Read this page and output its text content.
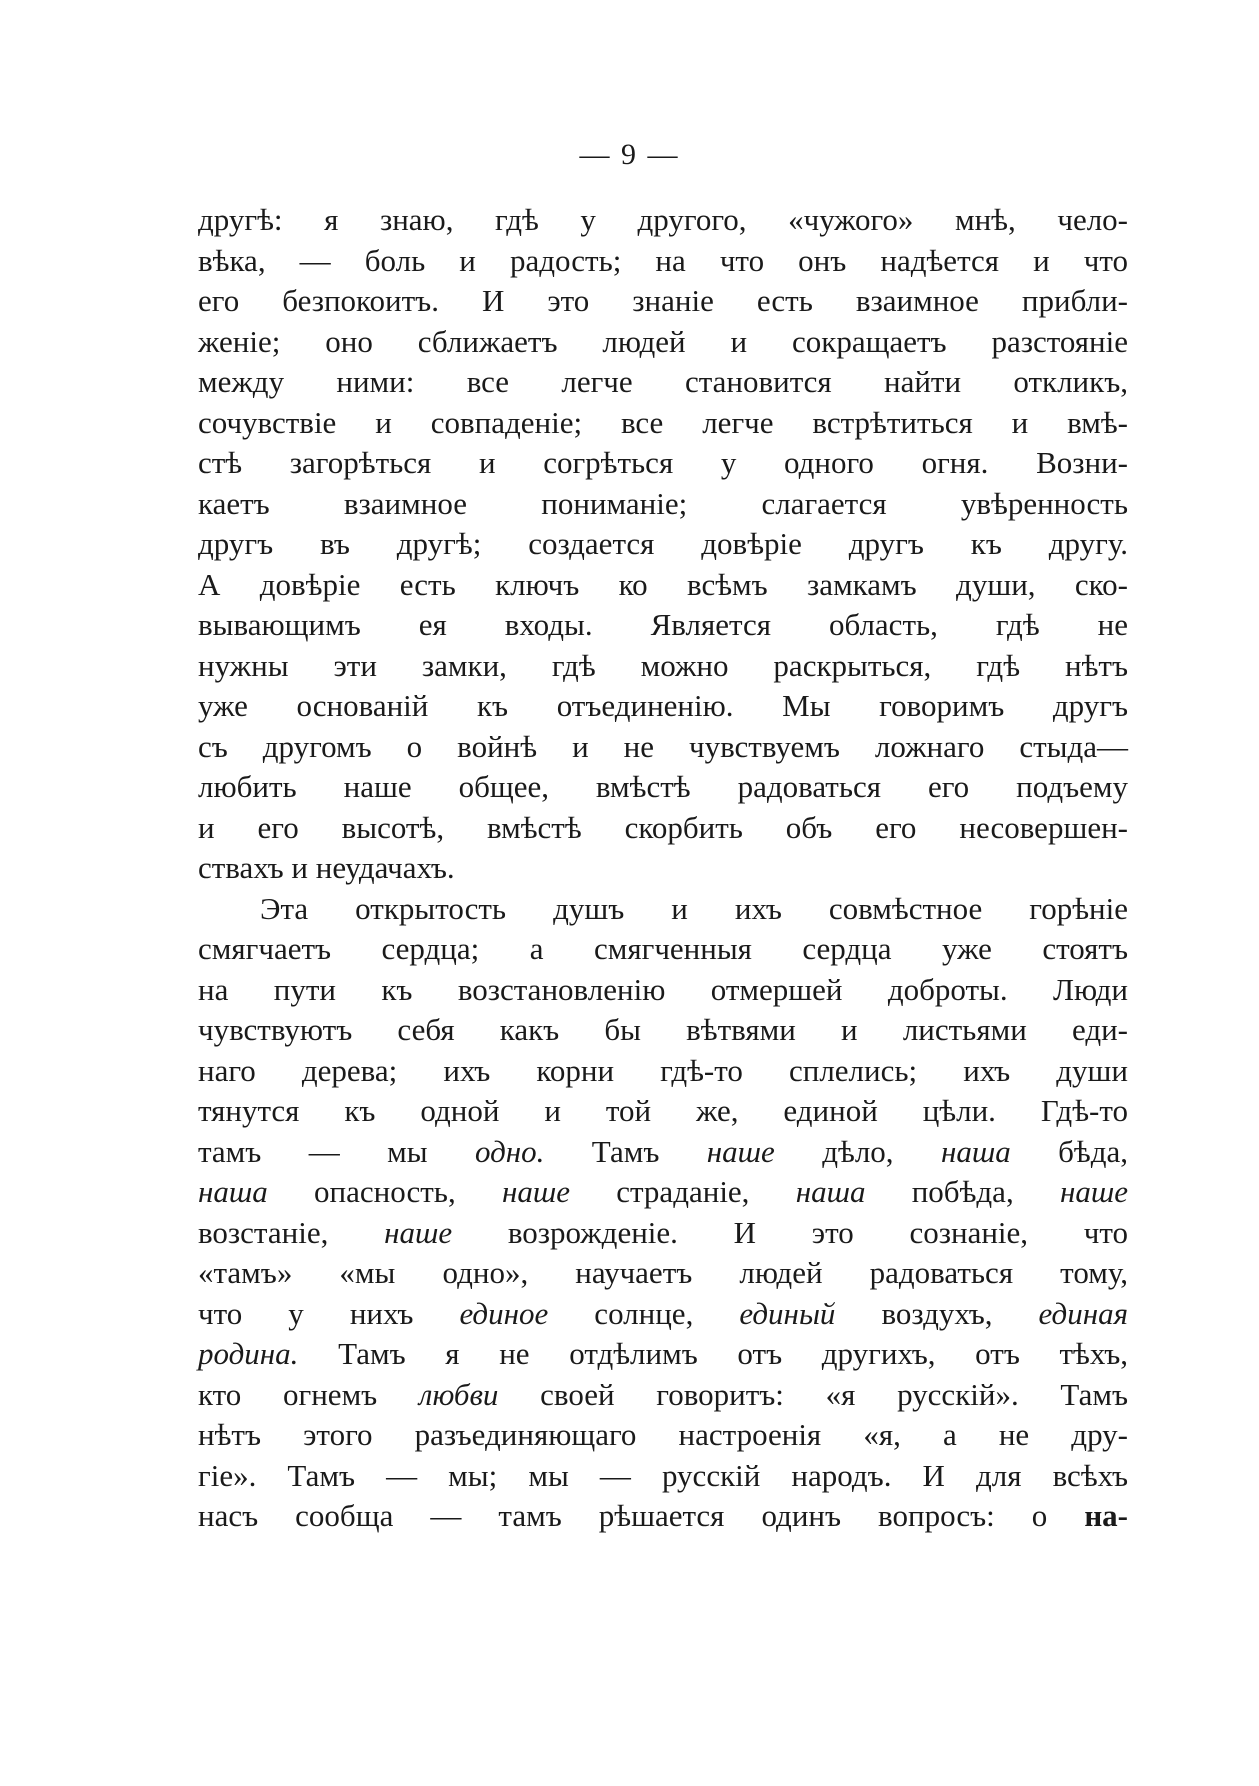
— 9 —
другѣ: я знаю, гдѣ у другого, «чужого» мнѣ, чело-
вѣка, — боль и радость; на что онъ надѣется и что
его безпокоитъ. И это знаніе есть взаимное прибли-
женіе; оно сближаетъ людей и сокращаетъ разстояніе
между ними: все легче становится найти откликъ,
сочувствіе и совпаденіе; все легче встрѣтиться и вмѣ-
стѣ загорѣться и согрѣться у одного огня. Возни-
каетъ взаимное пониманіе; слагается увѣренность
другъ въ другѣ; создается довѣріе другъ къ другу.
А довѣріе есть ключъ ко всѣмъ замкамъ души, ско-
вывающимъ ея входы. Является область, гдѣ не
нужны эти замки, гдѣ можно раскрыться, гдѣ нѣтъ
уже основаній къ отъединенію. Мы говоримъ другъ
съ другомъ о войнѣ и не чувствуемъ ложнаго стыда—
любить наше общее, вмѣстѣ радоваться его подъему
и его высотѣ, вмѣстѣ скорбить объ его несовершен-
ствахъ и неудачахъ.
Эта открытость душъ и ихъ совмѣстное горѣніе
смягчаетъ сердца; а смягченныя сердца уже стоятъ
на пути къ возстановленію отмершей доброты. Люди
чувствуютъ себя какъ бы вѣтвями и листьями еди-
наго дерева; ихъ корни гдѣ-то сплелись; ихъ души
тянутся къ одной и той же, единой цѣли. Гдѣ-то
тамъ — мы одно. Тамъ наше дѣло, наша бѣда,
наша опасность, наше страданіе, наша побѣда, наше
возстаніе, наше возрожденіе. И это сознаніе, что
«тамъ» «мы одно», научаетъ людей радоваться тому,
что у нихъ единое солнце, единый воздухъ, единая
родина. Тамъ я не отдѣлимъ отъ другихъ, отъ тѣхъ,
кто огнемъ любви своей говоритъ: «я русскій». Тамъ
нѣтъ этого разъединяющаго настроенія «я, а не дру-
гіе». Тамъ — мы; мы — русскій народъ. И для всѣхъ
насъ сообща — тамъ рѣшается одинъ вопросъ: о на-
